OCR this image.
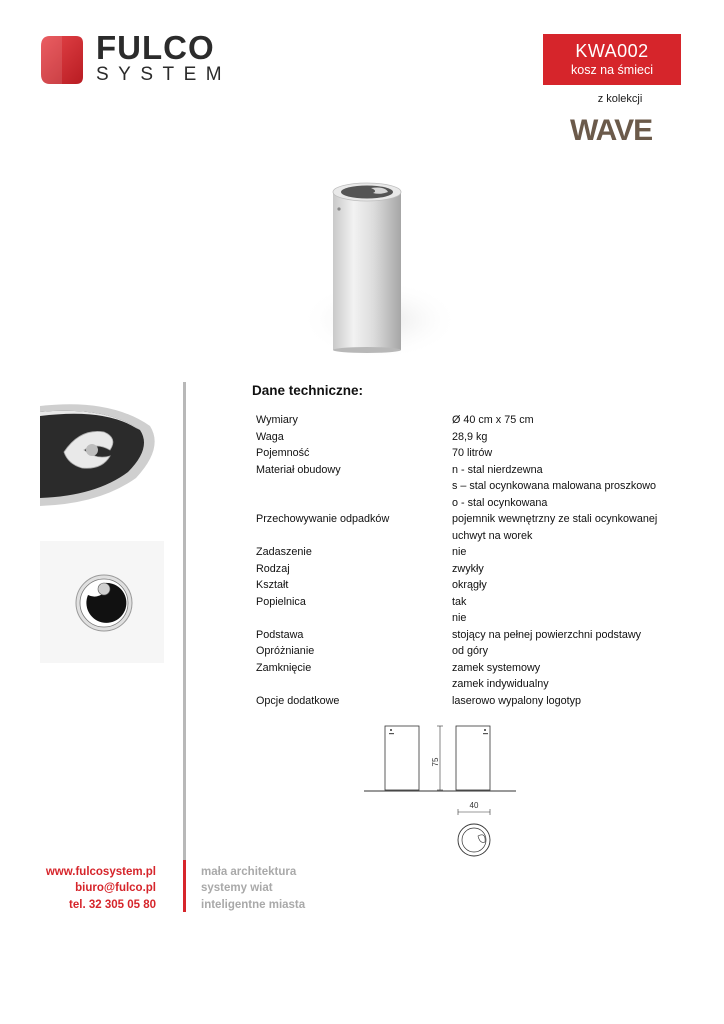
FULCO
SYSTEM
KWA002
kosz na śmieci
z kolekcji
WAVE
Dane techniczne:
Wymiary	Ø 40 cm x 75 cm
Waga	28,9 kg
Pojemność	70 litrów
Materiał obudowy	n - stal nierdzewna
s – stal ocynkowana malowana proszkowo
o - stal ocynkowana
Przechowywanie odpadków	pojemnik wewnętrzny ze stali ocynkowanej
uchwyt na worek
Zadaszenie	nie
Rodzaj	zwykły
Kształt	okrągły
Popielnica	tak
nie
Podstawa	stojący na pełnej powierzchni podstawy
Opróżnianie	od góry
Zamknięcie	zamek systemowy
zamek indywidualny
Opcje dodatkowe	laserowo wypalony logotyp
75
40
www.fulcosystem.pl
biuro@fulco.pl
tel. 32 305 05 80
mała architektura
systemy wiat
inteligentne miasta
